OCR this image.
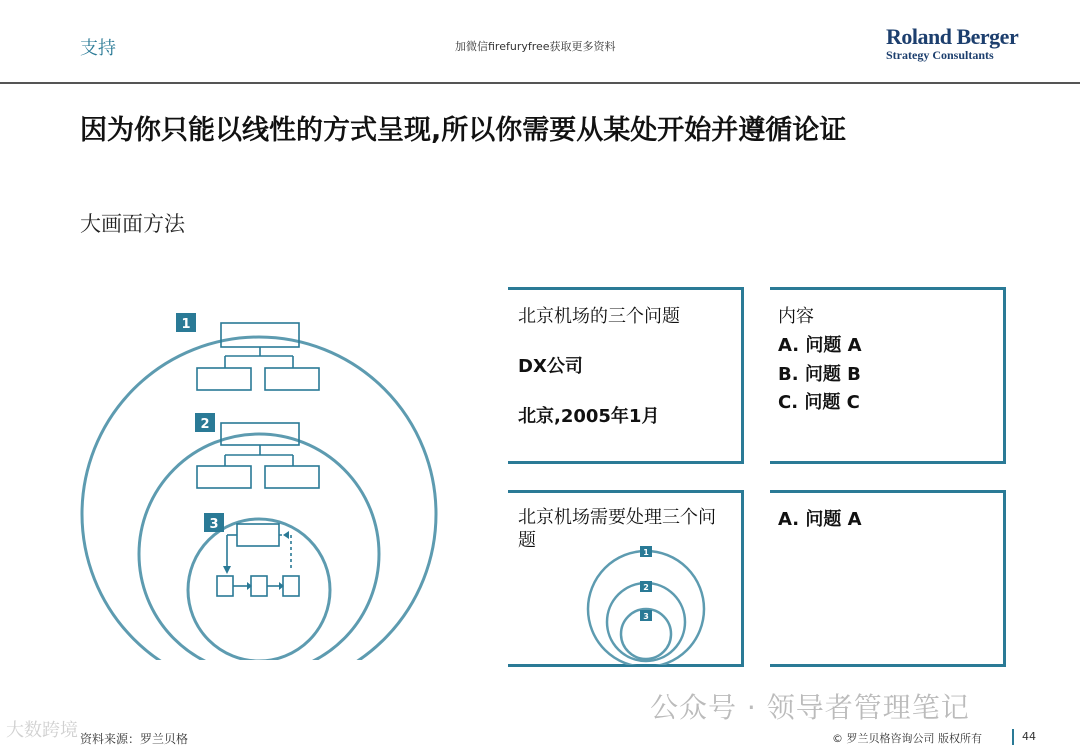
支持	加微信firefuryfree获取更多资料	Roland Berger
Strategy Consultants
因为你只能以线性的方式呈现,所以你需要从某处开始并遵循论证
大画面方法
1
2
3
北京机场的三个问题
DX公司
北京,2005年1月
内容
A. 问题 A
B. 问题 B
C. 问题 C
北京机场需要处理三个问题
1
2
3
A. 问题 A
公众号 · 领导者管理笔记
大数跨境 资料来源：罗兰贝格	© 罗兰贝格咨询公司 版权所有	44
